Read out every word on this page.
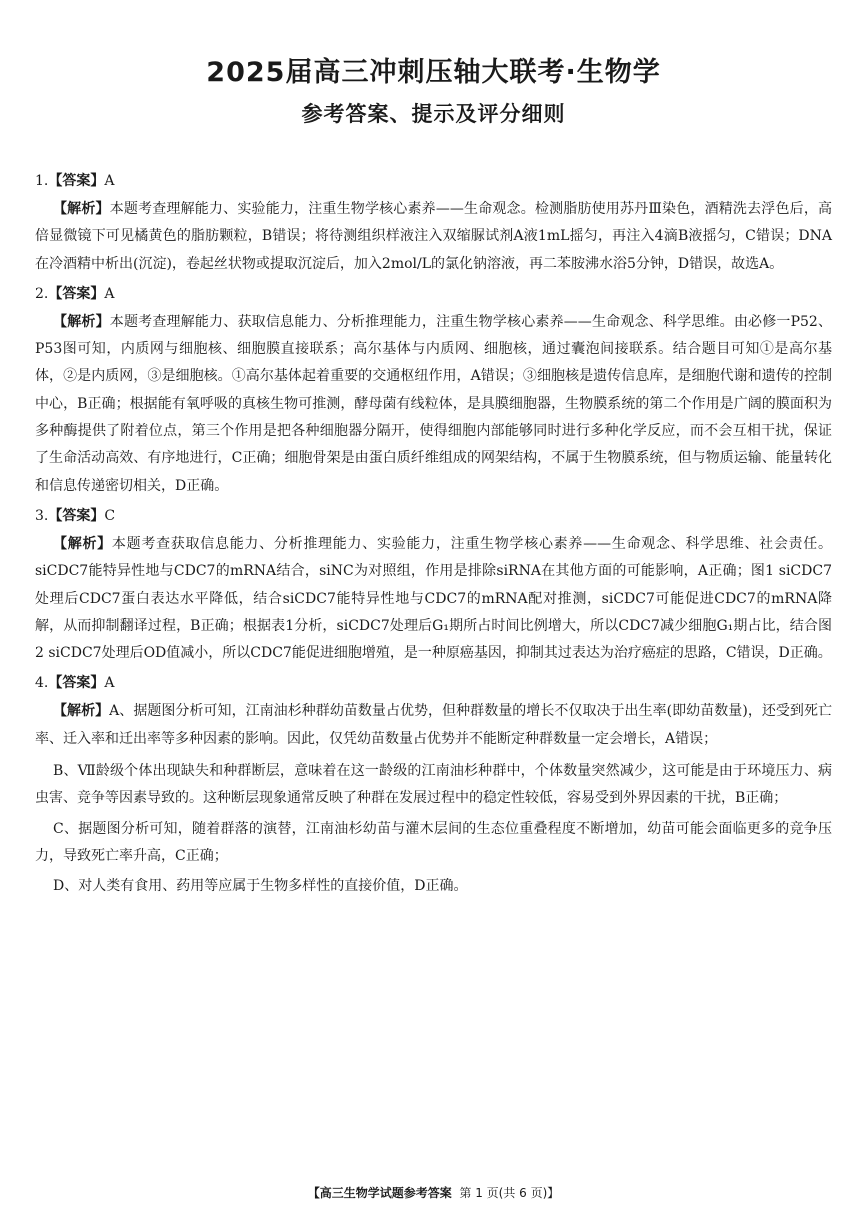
2025届高三冲刺压轴大联考·生物学
参考答案、提示及评分细则
1.【答案】A
【解析】本题考查理解能力、实验能力，注重生物学核心素养——生命观念。检测脂肪使用苏丹Ⅲ染色，酒精洗去浮色后，高倍显微镜下可见橘黄色的脂肪颗粒，B错误；将待测组织样液注入双缩脲试剂A液1mL摇匀，再注入4滴B液摇匀，C错误；DNA在冷酒精中析出(沉淀)，卷起丝状物或提取沉淀后，加入2mol/L的氯化钠溶液，再二苯胺沸水浴5分钟，D错误，故选A。
2.【答案】A
【解析】本题考查理解能力、获取信息能力、分析推理能力，注重生物学核心素养——生命观念、科学思维。由必修一P52、P53图可知，内质网与细胞核、细胞膜直接联系；高尔基体与内质网、细胞核，通过囊泡间接联系。结合题目可知①是高尔基体，②是内质网，③是细胞核。①高尔基体起着重要的交通枢纽作用，A错误；③细胞核是遗传信息库，是细胞代谢和遗传的控制中心，B正确；根据能有氧呼吸的真核生物可推测，酵母菌有线粒体，是具膜细胞器，生物膜系统的第二个作用是广阔的膜面积为多种酶提供了附着位点，第三个作用是把各种细胞器分隔开，使得细胞内部能够同时进行多种化学反应，而不会互相干扰，保证了生命活动高效、有序地进行，C正确；细胞骨架是由蛋白质纤维组成的网架结构，不属于生物膜系统，但与物质运输、能量转化和信息传递密切相关，D正确。
3.【答案】C
【解析】本题考查获取信息能力、分析推理能力、实验能力，注重生物学核心素养——生命观念、科学思维、社会责任。siCDC7能特异性地与CDC7的mRNA结合，siNC为对照组，作用是排除siRNA在其他方面的可能影响，A正确；图1 siCDC7处理后CDC7蛋白表达水平降低，结合siCDC7能特异性地与CDC7的mRNA配对推测，siCDC7可能促进CDC7的mRNA降解，从而抑制翻译过程，B正确；根据表1分析，siCDC7处理后G₁期所占时间比例增大，所以CDC7减少细胞G₁期占比，结合图2 siCDC7处理后OD值减小，所以CDC7能促进细胞增殖，是一种原癌基因，抑制其过表达为治疗癌症的思路，C错误，D正确。
4.【答案】A
【解析】A、据题图分析可知，江南油杉种群幼苗数量占优势，但种群数量的增长不仅取决于出生率(即幼苗数量)，还受到死亡率、迁入率和迁出率等多种因素的影响。因此，仅凭幼苗数量占优势并不能断定种群数量一定会增长，A错误；
B、Ⅶ龄级个体出现缺失和种群断层，意味着在这一龄级的江南油杉种群中，个体数量突然减少，这可能是由于环境压力、病虫害、竞争等因素导致的。这种断层现象通常反映了种群在发展过程中的稳定性较低，容易受到外界因素的干扰，B正确；
C、据题图分析可知，随着群落的演替，江南油杉幼苗与灌木层间的生态位重叠程度不断增加，幼苗可能会面临更多的竞争压力，导致死亡率升高，C正确；
D、对人类有食用、药用等应属于生物多样性的直接价值，D正确。
【高三生物学试题参考答案 第 1 页(共 6 页)】
